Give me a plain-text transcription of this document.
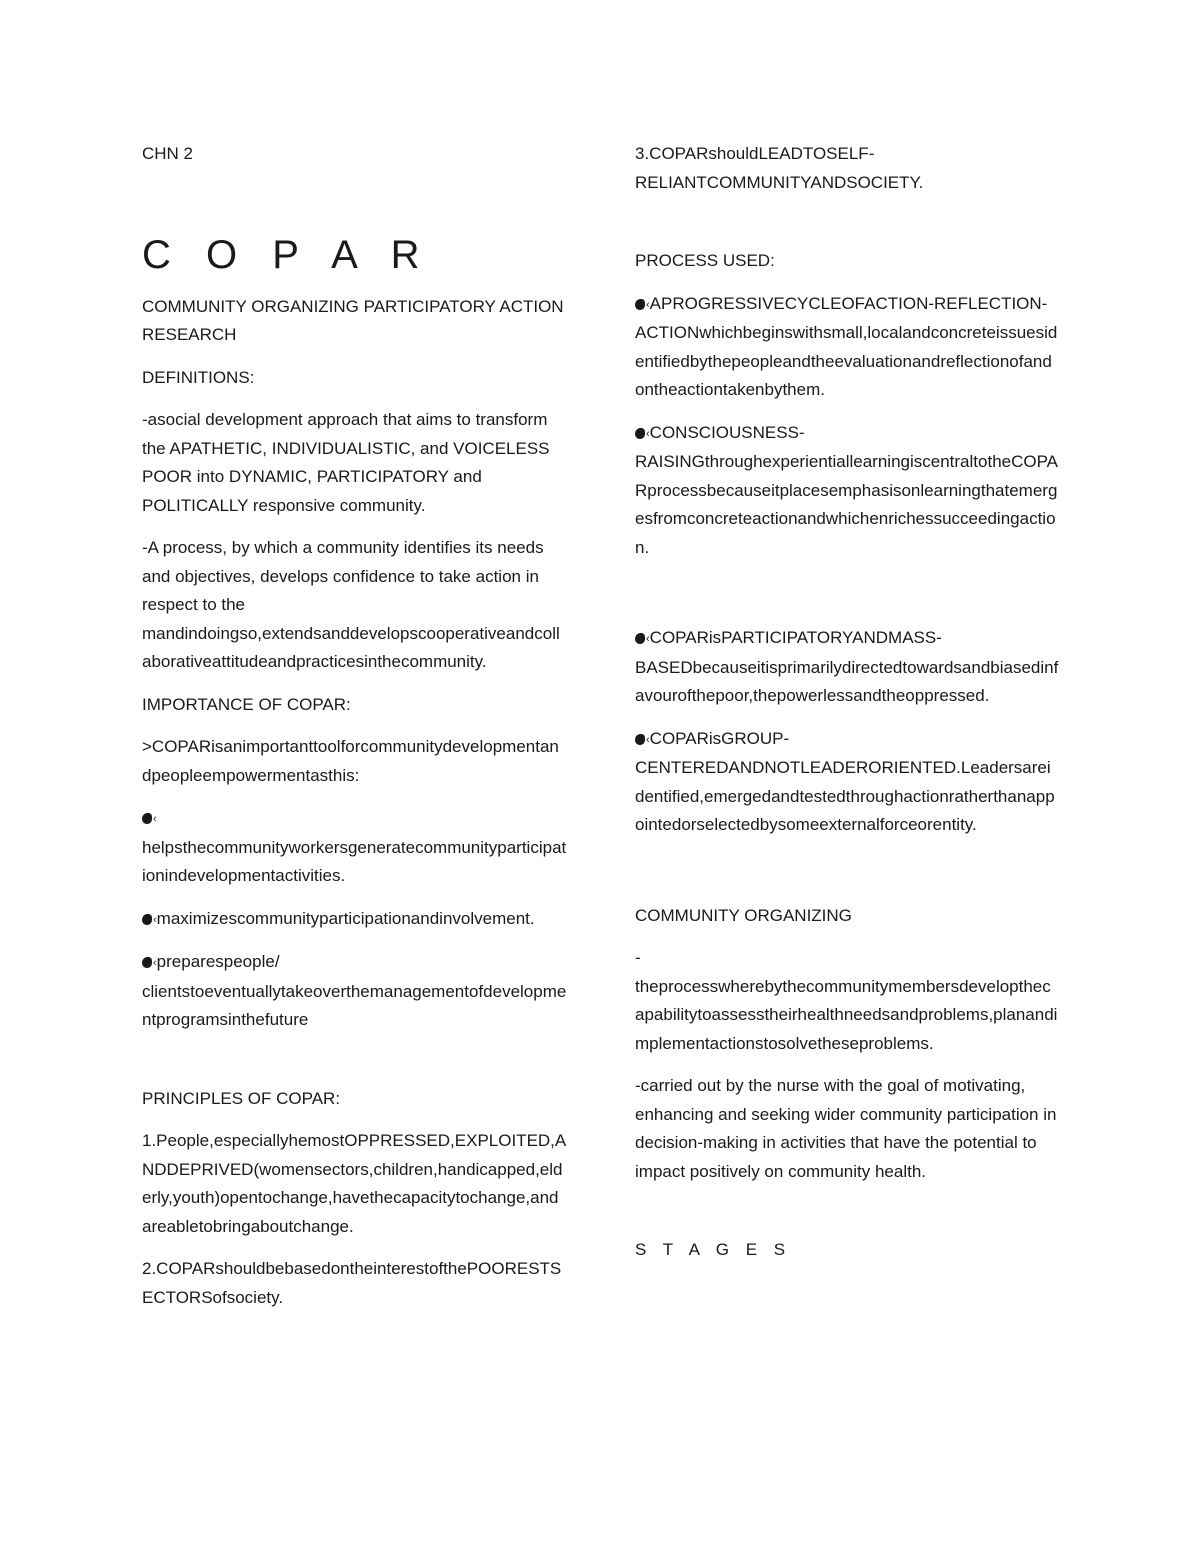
CHN 2

C O P A R

COMMUNITY ORGANIZING PARTICIPATORY ACTION RESEARCH

DEFINITIONS:

-asocial development approach that aims to transform the APATHETIC, INDIVIDUALISTIC, and VOICELESS POOR into DYNAMIC, PARTICIPATORY and POLITICALLY responsive community.

-A process, by which a community identifies its needs and objectives, develops confidence to take action in respect to the mandindoingso,extendsanddevelopscooperativeandcollaborativeattitudeandpracticesinthecommunity.

IMPORTANCE OF COPAR:

>COPARisanimportanttoolforcommunitydevelopmentandpeopleempowermentasthis:

‹helpsthecommunityworkersgeneratecommunityparticipationindevelopmentactivities.

‹maximizescommunityparticipationandinvolvement.

‹preparespeople/ clientstoeventuallytakeoverthemanagementofdevelopmentprogramsinthefuture

PRINCIPLES OF COPAR:

1.People,especiallyhemostOPPRESSED,EXPLOITED,ANDDEPRIVED(womensectors,children,handicapped,elderly,youth)opentochange,havethecapacitytochange,andareabletobringaboutchange.

2.COPARshouldbebasedontheinterestofthePOORESTSECTORSofsociety.

3.COPARshouldLEADTOSELF-RELIANTCOMMUNITYANDSOCIETY.

PROCESS USED:

‹APROGRESSIVECYCLEOFACTION-REFLECTION-ACTIONwhichbeginswithsmall,localandconcreteissuesidentifiedbythepeopleandtheevaluationandreflectionofandontheactiontakenbythem.

‹CONSCIOUSNESS-RAISINGthroughexperientiallearningiscentraltotheCOPARprocessbecauseitplacesemphasisonlearningthatemergesfromconcreteactionandwhichenrichessucceedingaction.

‹COPARisPARTICIPATORYANDMASS-BASEDbecauseitisprimarilydirectedtowardsandbiasedinfavourofthepoor,thepowerlessandtheoppressed.

‹COPARisGROUP-CENTEREDANDNOTLEADERORIENTED.Leadersareidentified,emergedandtestedthroughactionratherthanappointedorselectedbysomeexternalforceorentity.

COMMUNITY ORGANIZING

-

theprocesswherebythecommunitymembersdevelopthecapabilitytoassesstheirhealthneedsandproblems,planandimplementactionstosolvetheseproblems.

-carried out by the nurse with the goal of motivating, enhancing and seeking wider community participation in decision-making in activities that have the potential to impact positively on community health.

S T A G E S
